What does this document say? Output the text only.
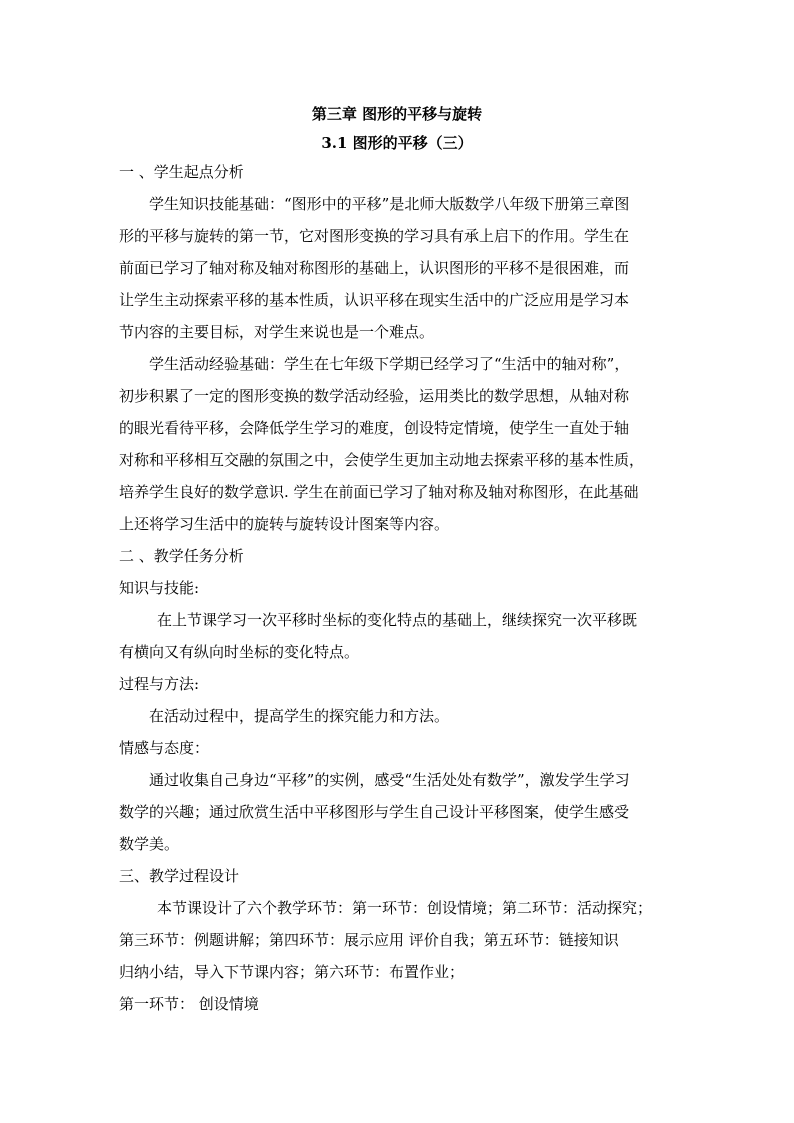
第三章 图形的平移与旋转
3.1 图形的平移（三）
一 、学生起点分析
学生知识技能基础：“图形中的平移”是北师大版数学八年级下册第三章图
形的平移与旋转的第一节，它对图形变换的学习具有承上启下的作用。学生在
前面已学习了轴对称及轴对称图形的基础上，认识图形的平移不是很困难，而
让学生主动探索平移的基本性质，认识平移在现实生活中的广泛应用是学习本
节内容的主要目标，对学生来说也是一个难点。
学生活动经验基础：学生在七年级下学期已经学习了“生活中的轴对称”，
初步积累了一定的图形变换的数学活动经验，运用类比的数学思想，从轴对称
的眼光看待平移，会降低学生学习的难度，创设特定情境，使学生一直处于轴
对称和平移相互交融的氛围之中，会使学生更加主动地去探索平移的基本性质，
培养学生良好的数学意识. 学生在前面已学习了轴对称及轴对称图形，在此基础
上还将学习生活中的旋转与旋转设计图案等内容。
二 、教学任务分析
知识与技能:
在上节课学习一次平移时坐标的变化特点的基础上，继续探究一次平移既
有横向又有纵向时坐标的变化特点。
过程与方法:
在活动过程中，提高学生的探究能力和方法。
情感与态度：
通过收集自己身边“平移”的实例，感受“生活处处有数学”，激发学生学习
数学的兴趣；通过欣赏生活中平移图形与学生自己设计平移图案，使学生感受
数学美。
三、教学过程设计
本节课设计了六个教学环节：第一环节：创设情境；第二环节：活动探究；
第三环节：例题讲解；第四环节：展示应用 评价自我；第五环节：链接知识
归纳小结，导入下节课内容；第六环节：布置作业；
第一环节： 创设情境
